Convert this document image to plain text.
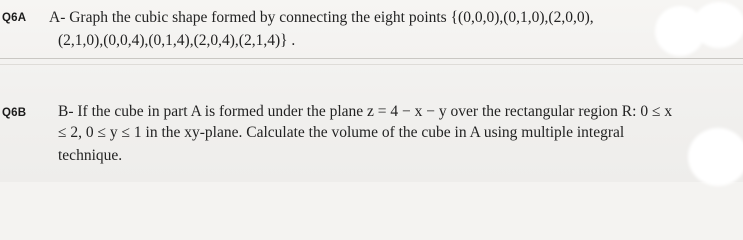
Q6A A- Graph the cubic shape formed by connecting the eight points {(0,0,0),(0,1,0),(2,0,0),
(2,1,0),(0,0,4),(0,1,4),(2,0,4),(2,1,4)} .
Q6B B- If the cube in part A is formed under the plane z = 4 − x − y over the rectangular region R: 0 ≤ x
≤ 2, 0 ≤ y ≤ 1 in the xy-plane. Calculate the volume of the cube in A using multiple integral
technique.
